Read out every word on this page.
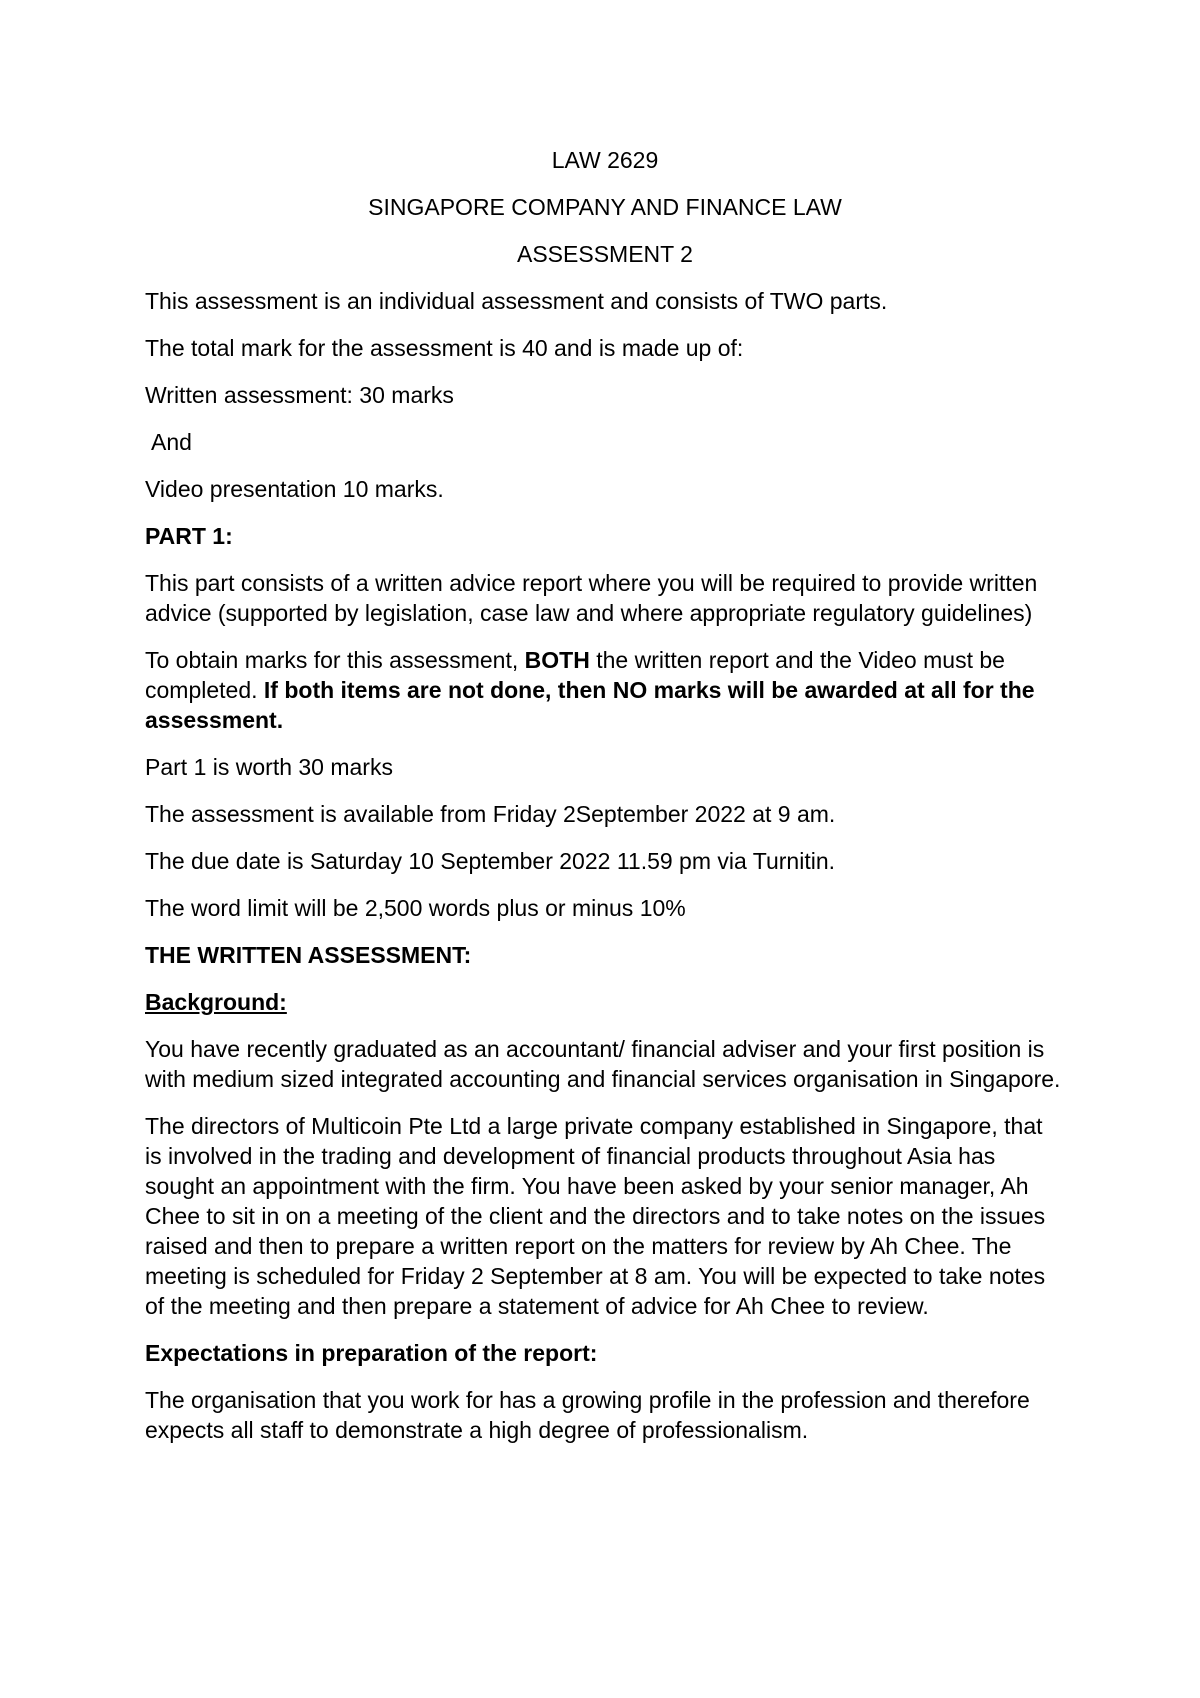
LAW 2629
SINGAPORE COMPANY AND FINANCE LAW
ASSESSMENT 2
This assessment is an individual assessment and consists of TWO parts.
The total mark for the assessment is 40 and is made up of:
Written assessment: 30 marks
And
Video presentation 10 marks.
PART 1:
This part consists of a written advice report where you will be required to provide written advice (supported by legislation, case law and where appropriate regulatory guidelines)
To obtain marks for this assessment, BOTH the written report and the Video must be completed. If both items are not done, then NO marks will be awarded at all for the assessment.
Part 1 is worth 30 marks
The assessment is available from Friday 2September 2022 at 9 am.
The due date is Saturday 10 September 2022 11.59 pm via Turnitin.
The word limit will be 2,500 words plus or minus 10%
THE WRITTEN ASSESSMENT:
Background:
You have recently graduated as an accountant/ financial adviser and your first position is with medium sized integrated accounting and financial services organisation in Singapore.
The directors of Multicoin Pte Ltd a large private company established in Singapore, that is involved in the trading and development of financial products throughout Asia has sought an appointment with the firm. You have been asked by your senior manager, Ah Chee to sit in on a meeting of the client and the directors and to take notes on the issues raised and then to prepare a written report on the matters for review by Ah Chee. The meeting is scheduled for Friday 2 September at 8 am. You will be expected to take notes of the meeting and then prepare a statement of advice for Ah Chee to review.
Expectations in preparation of the report:
The organisation that you work for has a growing profile in the profession and therefore expects all staff to demonstrate a high degree of professionalism.
